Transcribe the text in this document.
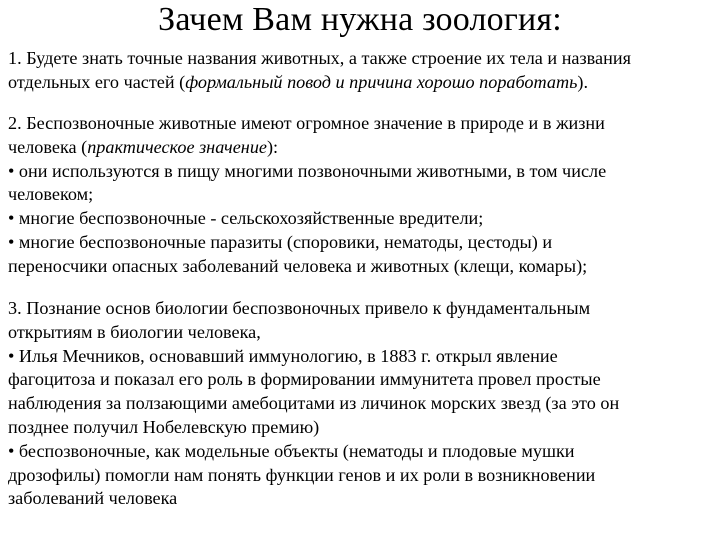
Зачем Вам нужна зоология:
1. Будете знать точные названия животных, а также строение их тела и названия
отдельных его частей (формальный повод и причина хорошо поработать).
2. Беспозвоночные животные имеют огромное значение в природе и в жизни
человека (практическое значение):
• они используются в пищу многими позвоночными животными, в том числе
человеком;
• многие беспозвоночные - сельскохозяйственные вредители;
• многие беспозвоночные паразиты (споровики, нематоды, цестоды) и
переносчики опасных заболеваний человека и животных (клещи, комары);
3. Познание основ биологии беспозвоночных привело к фундаментальным
открытиям в биологии человека,
• Илья Мечников, основавший иммунологию, в 1883 г. открыл явление
фагоцитоза и показал его роль в формировании иммунитета провел простые
наблюдения за ползающими амебоцитами из личинок морских звезд (за это он
позднее получил Нобелевскую премию)
• беспозвоночные, как модельные объекты (нематоды и плодовые мушки
дрозофилы) помогли нам понять функции генов и их роли в возникновении
заболеваний человека
